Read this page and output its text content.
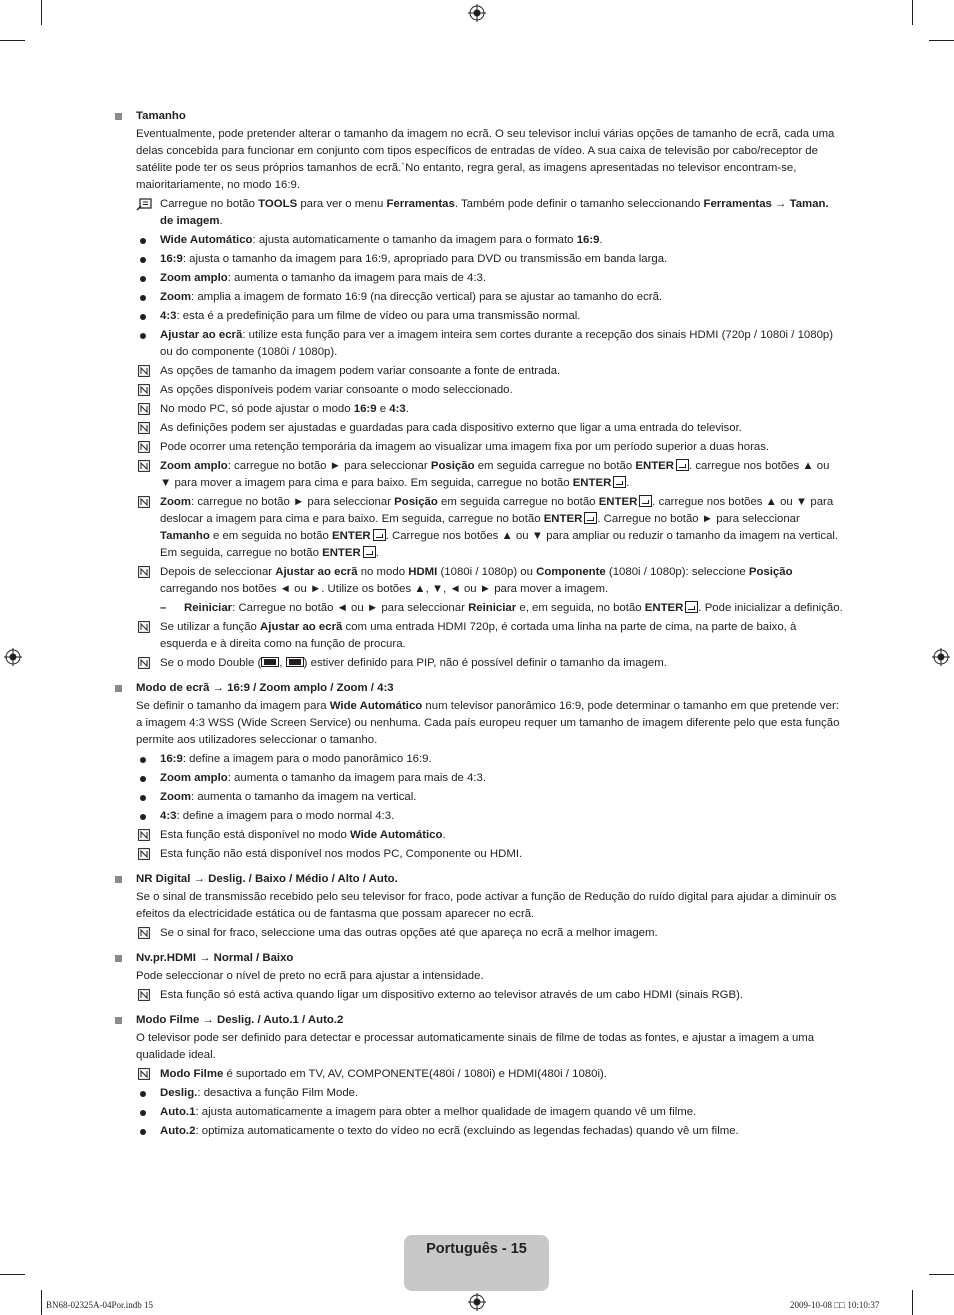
Tamanho
Eventualmente, pode pretender alterar o tamanho da imagem no ecrã. O seu televisor inclui várias opções de tamanho de ecrã, cada uma delas concebida para funcionar em conjunto com tipos específicos de entradas de vídeo. A sua caixa de televisão por cabo/receptor de satélite pode ter os seus próprios tamanhos de ecrã.`No entanto, regra geral, as imagens apresentadas no televisor encontram-se, maioritariamente, no modo 16:9.
Carregue no botão TOOLS para ver o menu Ferramentas. Também pode definir o tamanho seleccionando Ferramentas → Taman. de imagem.
Wide Automático: ajusta automaticamente o tamanho da imagem para o formato 16:9.
16:9: ajusta o tamanho da imagem para 16:9, apropriado para DVD ou transmissão em banda larga.
Zoom amplo: aumenta o tamanho da imagem para mais de 4:3.
Zoom: amplia a imagem de formato 16:9 (na direcção vertical) para se ajustar ao tamanho do ecrã.
4:3: esta é a predefinição para um filme de vídeo ou para uma transmissão normal.
Ajustar ao ecrã: utilize esta função para ver a imagem inteira sem cortes durante a recepção dos sinais HDMI (720p / 1080i / 1080p) ou do componente (1080i / 1080p).
As opções de tamanho da imagem podem variar consoante a fonte de entrada.
As opções disponíveis podem variar consoante o modo seleccionado.
No modo PC, só pode ajustar o modo 16:9 e 4:3.
As definições podem ser ajustadas e guardadas para cada dispositivo externo que ligar a uma entrada do televisor.
Pode ocorrer uma retenção temporária da imagem ao visualizar uma imagem fixa por um período superior a duas horas.
Zoom amplo: carregue no botão ► para seleccionar Posição em seguida carregue no botão ENTER . carregue nos botões ▲ ou ▼ para mover a imagem para cima e para baixo. Em seguida, carregue no botão ENTER .
Zoom: carregue no botão ► para seleccionar Posição em seguida carregue no botão ENTER . carregue nos botões ▲ ou ▼ para deslocar a imagem para cima e para baixo. Em seguida, carregue no botão ENTER . Carregue no botão ► para seleccionar Tamanho e em seguida no botão ENTER . Carregue nos botões ▲ ou ▼ para ampliar ou reduzir o tamanho da imagem na vertical. Em seguida, carregue no botão ENTER .
Depois de seleccionar Ajustar ao ecrã no modo HDMI (1080i / 1080p) ou Componente (1080i / 1080p): seleccione Posição carregando nos botões ◄ ou ►. Utilize os botões ▲, ▼, ◄ ou ► para mover a imagem.
– Reiniciar: Carregue no botão ◄ ou ► para seleccionar Reiniciar e, em seguida, no botão ENTER . Pode inicializar a definição.
Se utilizar a função Ajustar ao ecrã com uma entrada HDMI 720p, é cortada uma linha na parte de cima, na parte de baixo, à esquerda e à direita como na função de procura.
Se o modo Double ( , ) estiver definido para PIP, não é possível definir o tamanho da imagem.
Modo de ecrã → 16:9 / Zoom amplo / Zoom / 4:3
Se definir o tamanho da imagem para Wide Automático num televisor panorâmico 16:9, pode determinar o tamanho em que pretende ver: a imagem 4:3 WSS (Wide Screen Service) ou nenhuma. Cada país europeu requer um tamanho de imagem diferente pelo que esta função permite aos utilizadores seleccionar o tamanho.
16:9: define a imagem para o modo panorâmico 16:9.
Zoom amplo: aumenta o tamanho da imagem para mais de 4:3.
Zoom: aumenta o tamanho da imagem na vertical.
4:3: define a imagem para o modo normal 4:3.
Esta função está disponível no modo Wide Automático.
Esta função não está disponível nos modos PC, Componente ou HDMI.
NR Digital → Deslig. / Baixo / Médio / Alto / Auto.
Se o sinal de transmissão recebido pelo seu televisor for fraco, pode activar a função de Redução do ruído digital para ajudar a diminuir os efeitos da electricidade estática ou de fantasma que possam aparecer no ecrã.
Se o sinal for fraco, seleccione uma das outras opções até que apareça no ecrã a melhor imagem.
Nv.pr.HDMI → Normal / Baixo
Pode seleccionar o nível de preto no ecrã para ajustar a intensidade.
Esta função só está activa quando ligar um dispositivo externo ao televisor através de um cabo HDMI (sinais RGB).
Modo Filme → Deslig. / Auto.1 / Auto.2
O televisor pode ser definido para detectar e processar automaticamente sinais de filme de todas as fontes, e ajustar a imagem a uma qualidade ideal.
Modo Filme é suportado em TV, AV, COMPONENTE(480i / 1080i) e HDMI(480i / 1080i).
Deslig.: desactiva a função Film Mode.
Auto.1: ajusta automaticamente a imagem para obter a melhor qualidade de imagem quando vê um filme.
Auto.2: optimiza automaticamente o texto do vídeo no ecrã (excluindo as legendas fechadas) quando vê um filme.
Português - 15
BN68-02325A-04Por.indb 15	2009-10-08 □□ 10:10:37
